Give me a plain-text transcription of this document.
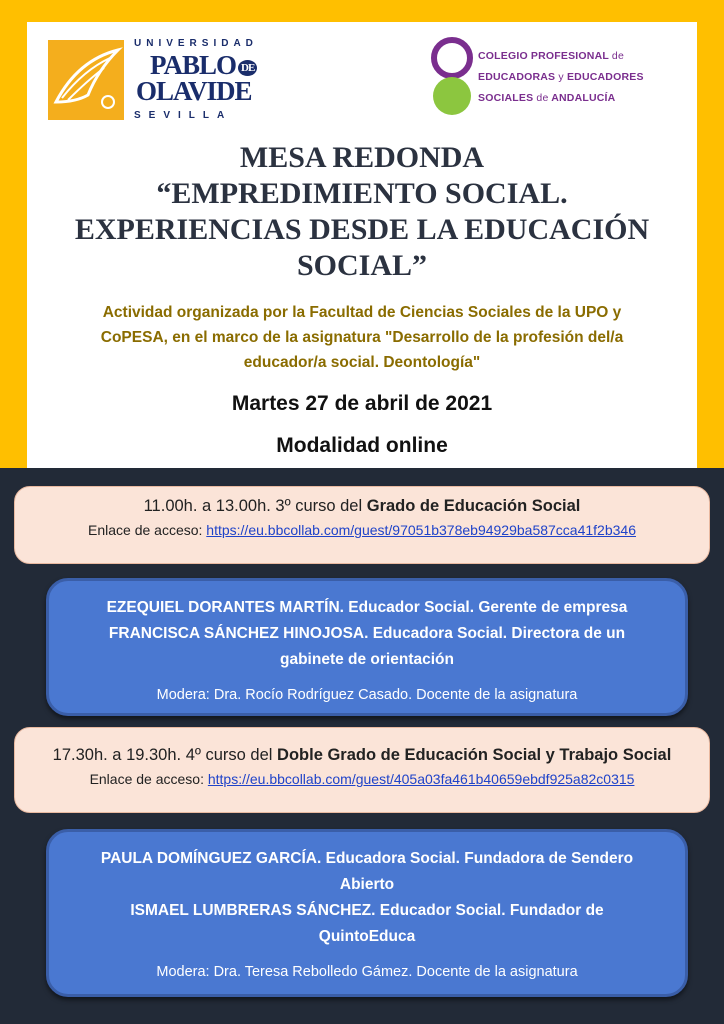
UNIVERSIDAD
PABLO DE
OLAVIDE
SEVILLA
COLEGIO PROFESIONAL de
EDUCADORAS y EDUCADORES
SOCIALES de ANDALUCÍA
MESA REDONDA
“EMPREDIMIENTO SOCIAL.
EXPERIENCIAS DESDE LA EDUCACIÓN
SOCIAL”

Actividad organizada por la Facultad de Ciencias Sociales de la UPO y
CoPESA, en el marco de la asignatura "Desarrollo de la profesión del/a
educador/a social. Deontología"

Martes 27 de abril de 2021
Modalidad online
11.00h. a 13.00h. 3º curso del Grado de Educación Social
Enlace de acceso: https://eu.bbcollab.com/guest/97051b378eb94929ba587cca41f2b346
EZEQUIEL DORANTES MARTÍN. Educador Social. Gerente de empresa
FRANCISCA SÁNCHEZ HINOJOSA. Educadora Social. Directora de un
gabinete de orientación
Modera: Dra. Rocío Rodríguez Casado. Docente de la asignatura
17.30h. a 19.30h. 4º curso del Doble Grado de Educación Social y Trabajo Social
Enlace de acceso: https://eu.bbcollab.com/guest/405a03fa461b40659ebdf925a82c0315
PAULA DOMÍNGUEZ GARCÍA. Educadora Social. Fundadora de Sendero
Abierto
ISMAEL LUMBRERAS SÁNCHEZ. Educador Social. Fundador de
QuintoEduca
Modera: Dra. Teresa Rebolledo Gámez. Docente de la asignatura
